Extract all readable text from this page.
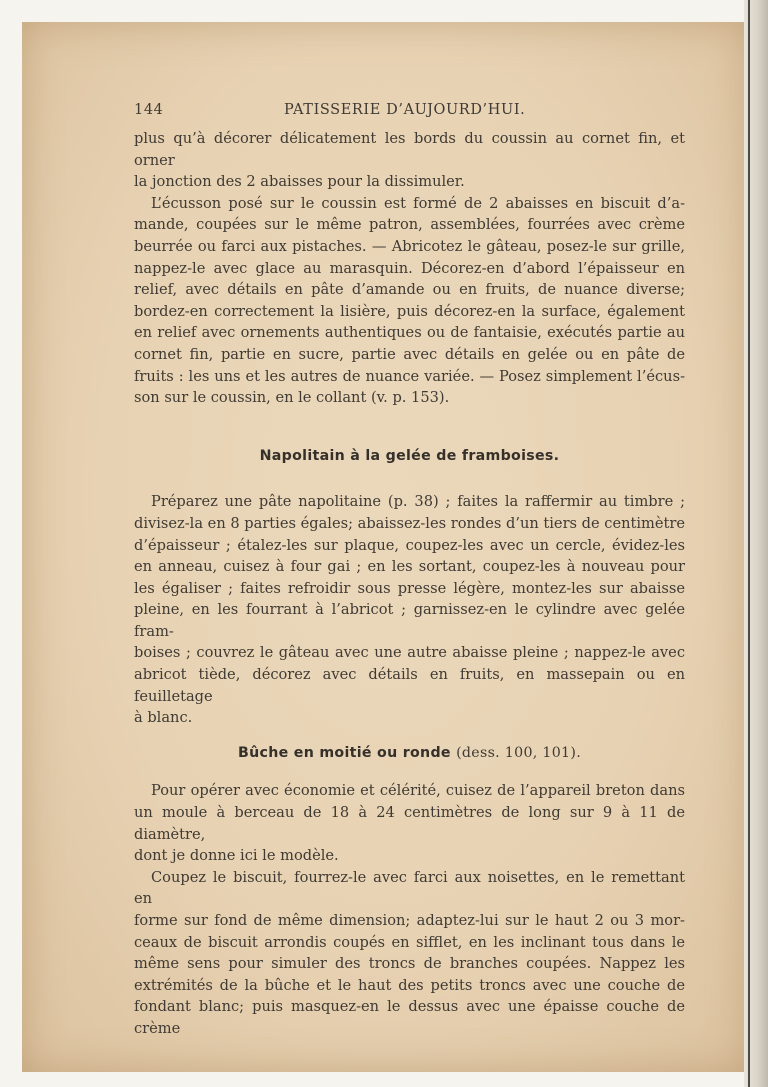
144	PATISSERIE D’AUJOURD’HUI.

plus qu’à décorer délicatement les bords du coussin au cornet fin, et orner

la jonction des 2 abaisses pour la dissimuler.

L’écusson posé sur le coussin est formé de 2 abaisses en biscuit d’a-

mande, coupées sur le même patron, assemblées, fourrées avec crème

beurrée ou farci aux pistaches. — Abricotez le gâteau, posez-le sur grille,

nappez-le avec glace au marasquin. Décorez-en d’abord l’épaisseur en

relief, avec détails en pâte d’amande ou en fruits, de nuance diverse;

bordez-en correctement la lisière, puis décorez-en la surface, également

en relief avec ornements authentiques ou de fantaisie, exécutés partie au

cornet fin, partie en sucre, partie avec détails en gelée ou en pâte de

fruits : les uns et les autres de nuance variée. — Posez simplement l’écus-

son sur le coussin, en le collant (v. p. 153).

Napolitain à la gelée de framboises.

Préparez une pâte napolitaine (p. 38) ; faites la raffermir au timbre ;

divisez-la en 8 parties égales; abaissez-les rondes d’un tiers de centimètre

d’épaisseur ; étalez-les sur plaque, coupez-les avec un cercle, évidez-les

en anneau, cuisez à four gai ; en les sortant, coupez-les à nouveau pour

les égaliser ; faites refroidir sous presse légère, montez-les sur abaisse

pleine, en les fourrant à l’abricot ; garnissez-en le cylindre avec gelée fram-

boises ; couvrez le gâteau avec une autre abaisse pleine ; nappez-le avec

abricot tiède, décorez avec détails en fruits, en massepain ou en feuilletage

à blanc.

Bûche en moitié ou ronde (dess. 100, 101).

Pour opérer avec économie et célérité, cuisez de l’appareil breton dans

un moule à berceau de 18 à 24 centimètres de long sur 9 à 11 de diamètre,

dont je donne ici le modèle.

Coupez le biscuit, fourrez-le avec farci aux noisettes, en le remettant en

forme sur fond de même dimension; adaptez-lui sur le haut 2 ou 3 mor-

ceaux de biscuit arrondis coupés en sifflet, en les inclinant tous dans le

même sens pour simuler des troncs de branches coupées. Nappez les

extrémités de la bûche et le haut des petits troncs avec une couche de

fondant blanc; puis masquez-en le dessus avec une épaisse couche de crème
